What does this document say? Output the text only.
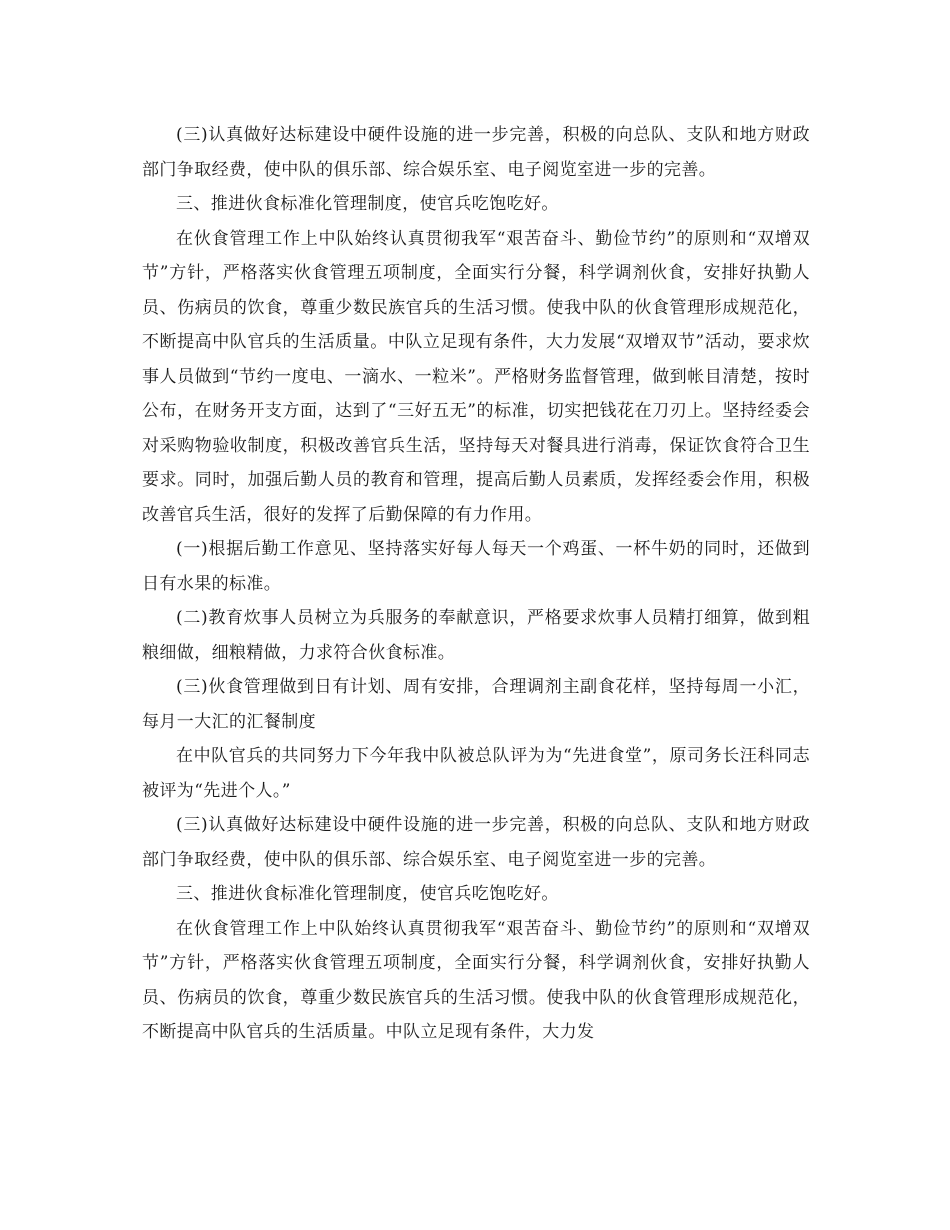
(三)认真做好达标建设中硬件设施的进一步完善，积极的向总队、支队和地方财政部门争取经费，使中队的俱乐部、综合娱乐室、电子阅览室进一步的完善。

三、推进伙食标准化管理制度，使官兵吃饱吃好。

在伙食管理工作上中队始终认真贯彻我军“艰苦奋斗、勤俭节约”的原则和“双增双节”方针，严格落实伙食管理五项制度，全面实行分餐，科学调剂伙食，安排好执勤人员、伤病员的饮食，尊重少数民族官兵的生活习惯。使我中队的伙食管理形成规范化，不断提高中队官兵的生活质量。中队立足现有条件，大力发展“双增双节”活动，要求炊事人员做到“节约一度电、一滴水、一粒米”。严格财务监督管理，做到帐目清楚，按时公布，在财务开支方面，达到了“三好五无”的标准，切实把钱花在刀刃上。坚持经委会对采购物验收制度，积极改善官兵生活，坚持每天对餐具进行消毒，保证饮食符合卫生要求。同时，加强后勤人员的教育和管理，提高后勤人员素质，发挥经委会作用，积极改善官兵生活，很好的发挥了后勤保障的有力作用。

(一)根据后勤工作意见、坚持落实好每人每天一个鸡蛋、一杯牛奶的同时，还做到日有水果的标准。

(二)教育炊事人员树立为兵服务的奉献意识，严格要求炊事人员精打细算，做到粗粮细做，细粮精做，力求符合伙食标准。

(三)伙食管理做到日有计划、周有安排，合理调剂主副食花样，坚持每周一小汇，每月一大汇的汇餐制度

在中队官兵的共同努力下今年我中队被总队评为为“先进食堂”，原司务长汪科同志被评为“先进个人。”

(三)认真做好达标建设中硬件设施的进一步完善，积极的向总队、支队和地方财政部门争取经费，使中队的俱乐部、综合娱乐室、电子阅览室进一步的完善。

三、推进伙食标准化管理制度，使官兵吃饱吃好。

在伙食管理工作上中队始终认真贯彻我军“艰苦奋斗、勤俭节约”的原则和“双增双节”方针，严格落实伙食管理五项制度，全面实行分餐，科学调剂伙食，安排好执勤人员、伤病员的饮食，尊重少数民族官兵的生活习惯。使我中队的伙食管理形成规范化，不断提高中队官兵的生活质量。中队立足现有条件，大力发
